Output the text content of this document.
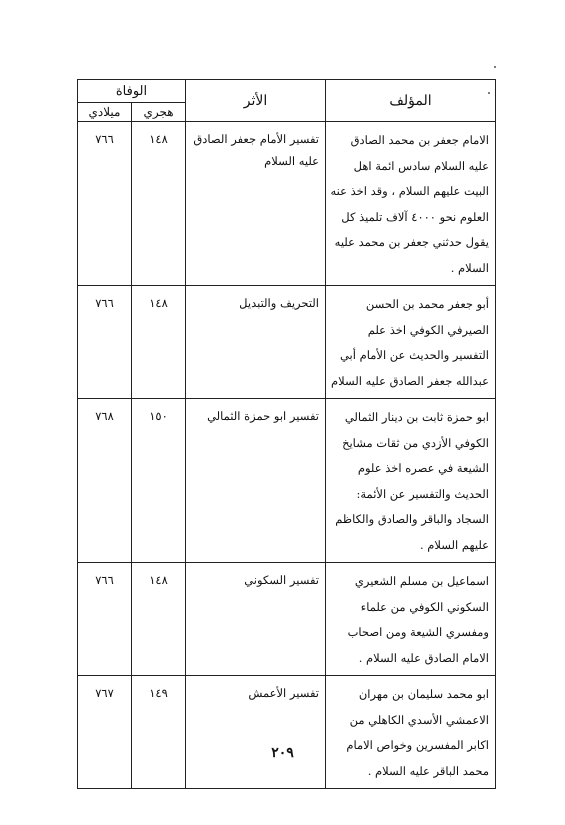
المؤلف	الأثر	الوفاة	
		هجري	ميلادي
الامام جعفر بن محمد الصادق عليه السلام سادس ائمة اهل البيت عليهم السلام ، وقد اخذ عنه العلوم نحو ٤٠٠٠ آلاف تلميذ كل يقول حدثني جعفر بن محمد عليه السلام .	تفسير الأمام جعفر الصادق عليه السلام	١٤٨	٧٦٦
أبو جعفر محمد بن الحسن الصيرفي الكوفي اخذ علم التفسير والحديث عن الأمام أبي عبدالله جعفر الصادق عليه السلام	التحريف والتبديل	١٤٨	٧٦٦
ابو حمزة ثابت بن دينار الثمالي الكوفي الأزدي من ثقات مشايخ الشيعة في عصره اخذ علوم الحديث والتفسير عن الأئمة: السجاد والباقر والصادق والكاظم عليهم السلام .	تفسير ابو حمزة الثمالي	١٥٠	٧٦٨
اسماعيل بن مسلم الشعيري السكوني الكوفي من علماء ومفسري الشيعة ومن اصحاب الامام الصادق عليه السلام .	تفسير السكوني	١٤٨	٧٦٦
ابو محمد سليمان بن مهران الاعمشي الأسدي الكاهلي من اكابر المفسرين وخواص الامام محمد الباقر عليه السلام .	تفسير الأعمش	١٤٩	٧٦٧
٢٠٩
